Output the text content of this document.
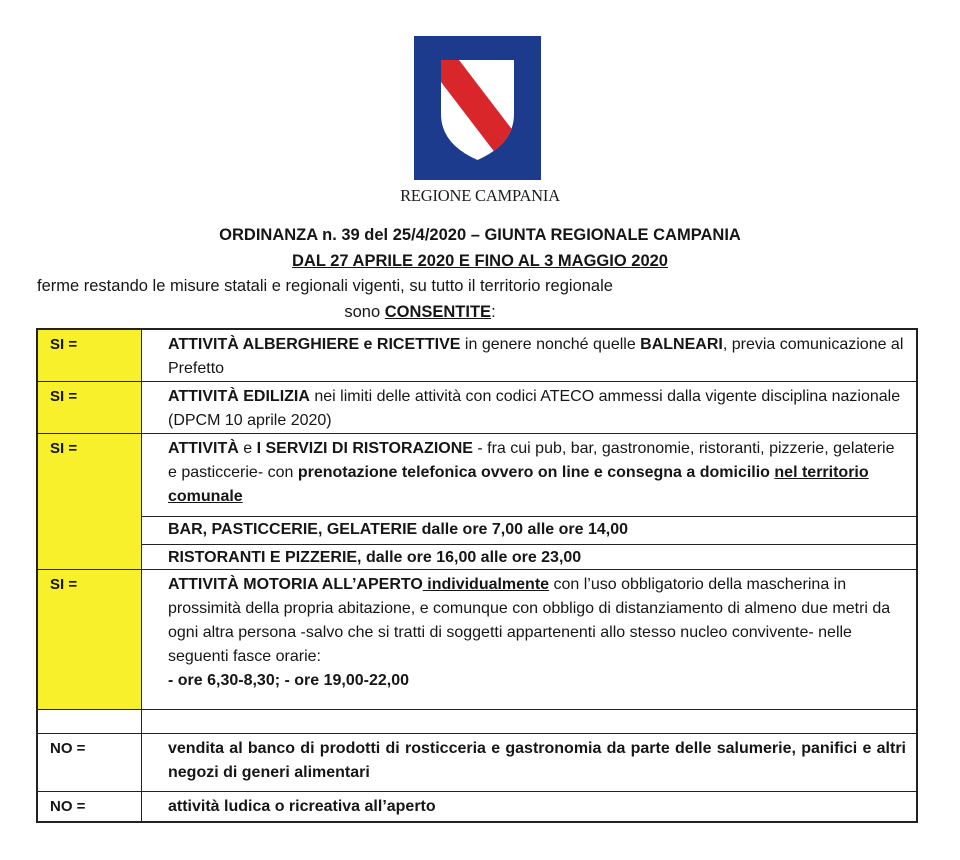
REGIONE CAMPANIA
ORDINANZA n. 39 del 25/4/2020 – GIUNTA REGIONALE CAMPANIA
DAL 27 APRILE 2020 E FINO AL 3 MAGGIO 2020
ferme restando le misure statali e regionali vigenti, su tutto il territorio regionale
sono CONSENTITE:
SI =	ATTIVITÀ ALBERGHIERE e RICETTIVE in genere nonché quelle BALNEARI, previa comunicazione al Prefetto
SI =	ATTIVITÀ EDILIZIA nei limiti delle attività con codici ATECO ammessi dalla vigente disciplina nazionale (DPCM 10 aprile 2020)
SI =	ATTIVITÀ e I SERVIZI DI RISTORAZIONE - fra cui pub, bar, gastronomie, ristoranti, pizzerie, gelaterie e pasticcerie- con prenotazione telefonica ovvero on line e consegna a domicilio nel territorio comunale
BAR, PASTICCERIE, GELATERIE dalle ore 7,00 alle ore 14,00
RISTORANTI E PIZZERIE, dalle ore 16,00 alle ore 23,00
SI =	ATTIVITÀ MOTORIA ALL’APERTO individualmente con l’uso obbligatorio della mascherina in prossimità della propria abitazione, e comunque con obbligo di distanziamento di almeno due metri da ogni altra persona -salvo che si tratti di soggetti appartenenti allo stesso nucleo convivente- nelle seguenti fasce orarie:
- ore 6,30-8,30; - ore 19,00-22,00
NO =	vendita al banco di prodotti di rosticceria e gastronomia da parte delle salumerie, panifici e altri negozi di generi alimentari
NO =	attività ludica o ricreativa all’aperto
